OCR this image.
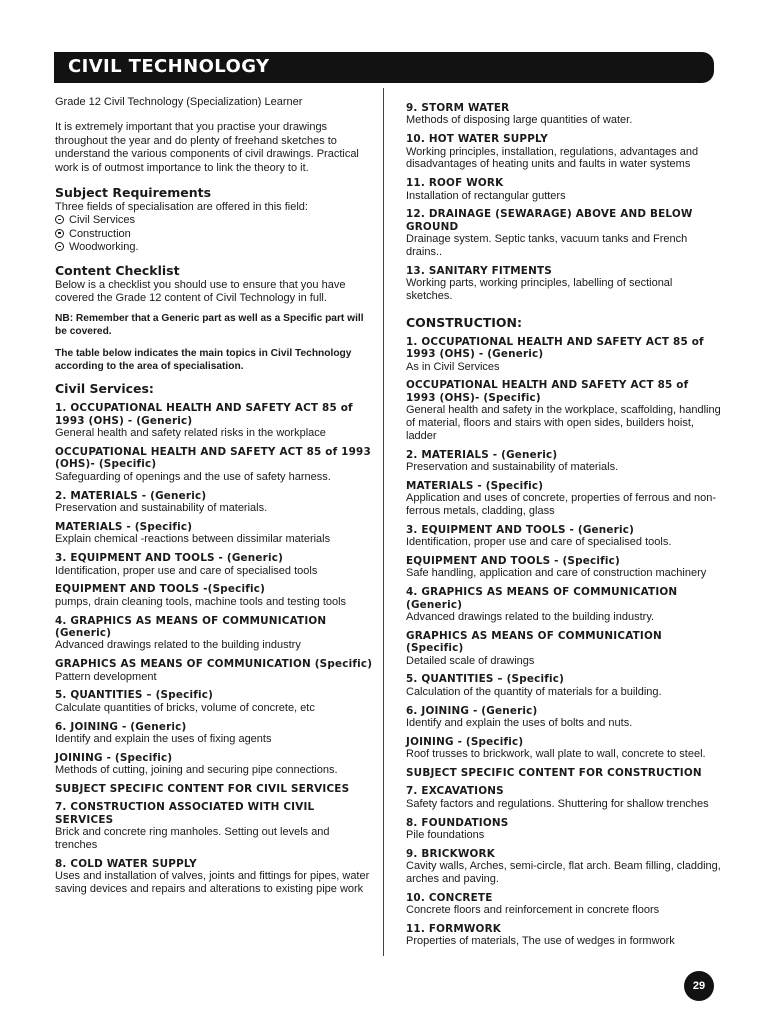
CIVIL TECHNOLOGY

Grade 12 Civil Technology (Specialization) Learner

It is extremely important that you practise your drawings throughout the year and do plenty of freehand sketches to understand the various components of civil drawings. Practical work is of outmost importance to link the theory to it.

Subject Requirements

Three fields of specialisation are offered in this field:

Civil Services
Construction
Woodworking.
Content Checklist

Below is a checklist you should use to ensure that you have covered the Grade 12 content of Civil Technology in full.

NB: Remember that a Generic part as well as a Specific part will be covered.

The table below indicates the main topics in Civil Technology according to the area of specialisation.

Civil Services:
1. OCCUPATIONAL HEALTH AND SAFETY ACT 85 of 1993 (OHS) - (Generic)
General health and safety related risks in the workplace
OCCUPATIONAL HEALTH AND SAFETY ACT 85 of 1993 (OHS)- (Specific)
Safeguarding of openings and the use of safety harness.
2. MATERIALS - (Generic)
Preservation and sustainability of materials.
MATERIALS - (Specific)
Explain chemical -reactions between dissimilar materials
3. EQUIPMENT AND TOOLS - (Generic)
Identification, proper use and care of specialised tools
EQUIPMENT AND TOOLS -(Specific)
pumps, drain cleaning tools, machine tools and testing tools
4. GRAPHICS AS MEANS OF COMMUNICATION (Generic)
Advanced drawings related to the building industry
GRAPHICS AS MEANS OF COMMUNICATION (Specific)
Pattern development
5. QUANTITIES – (Specific)
Calculate quantities of bricks, volume of concrete, etc
6. JOINING - (Generic)
Identify and explain the uses of fixing agents
JOINING - (Specific)
Methods of cutting, joining and securing pipe connections.
SUBJECT SPECIFIC CONTENT FOR CIVIL SERVICES
7. CONSTRUCTION ASSOCIATED WITH CIVIL SERVICES
Brick and concrete ring manholes. Setting out levels and trenches
8. COLD WATER SUPPLY
Uses and installation of valves, joints and fittings for pipes, water saving devices and repairs and alterations to existing pipe work
9. STORM WATER
Methods of disposing large quantities of water.
10. HOT WATER SUPPLY
Working principles, installation, regulations, advantages and disadvantages of heating units and faults in water systems
11. ROOF WORK
Installation of rectangular gutters
12. DRAINAGE (SEWARAGE) ABOVE AND BELOW GROUND
Drainage system. Septic tanks, vacuum tanks and French drains..
13. SANITARY FITMENTS
Working parts, working principles, labelling of sectional sketches.
CONSTRUCTION:
1. OCCUPATIONAL HEALTH AND SAFETY ACT 85 of 1993 (OHS) - (Generic)
As in Civil Services
OCCUPATIONAL HEALTH AND SAFETY ACT 85 of 1993 (OHS)- (Specific)
General health and safety in the workplace, scaffolding, handling of material, floors and stairs with open sides, builders hoist, ladder
2. MATERIALS - (Generic)
Preservation and sustainability of materials.
MATERIALS - (Specific)
Application and uses of concrete, properties of ferrous and non-ferrous metals, cladding, glass
3. EQUIPMENT AND TOOLS - (Generic)
Identification, proper use and care of specialised tools.
EQUIPMENT AND TOOLS - (Specific)
Safe handling, application and care of construction machinery
4. GRAPHICS AS MEANS OF COMMUNICATION (Generic)
Advanced drawings related to the building industry.
GRAPHICS AS MEANS OF COMMUNICATION (Specific)
Detailed scale of drawings
5. QUANTITIES – (Specific)
Calculation of the quantity of materials for a building.
6. JOINING - (Generic)
Identify and explain the uses of bolts and nuts.
JOINING - (Specific)
Roof trusses to brickwork, wall plate to wall, concrete to steel.
SUBJECT SPECIFIC CONTENT FOR CONSTRUCTION
7. EXCAVATIONS
Safety factors and regulations. Shuttering for shallow trenches
8. FOUNDATIONS
Pile foundations
9. BRICKWORK
Cavity walls, Arches, semi-circle, flat arch. Beam filling, cladding, arches and paving.
10. CONCRETE
Concrete floors and reinforcement in concrete floors
11. FORMWORK
Properties of materials, The use of wedges in formwork
29
